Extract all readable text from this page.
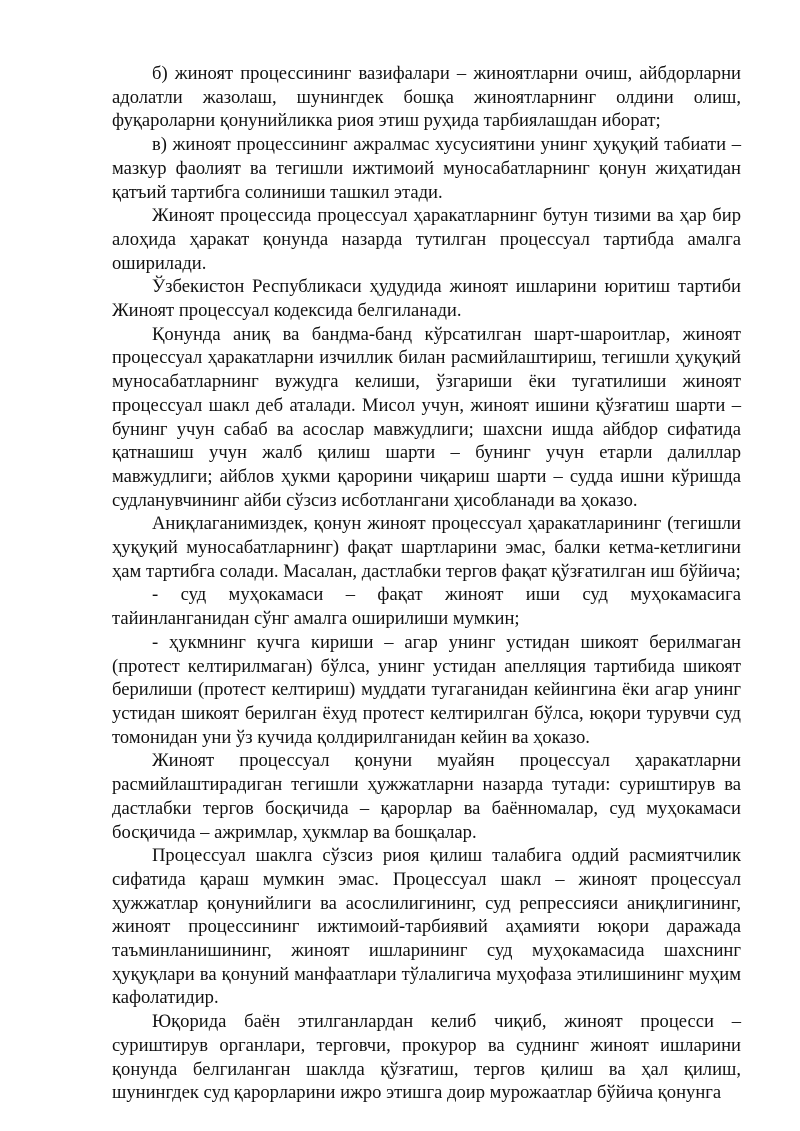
б) жиноят процессининг вазифалари – жиноятларни очиш, айбдорларни адолатли жазолаш, шунингдек бошқа жиноятларнинг олдини олиш, фуқароларни қонунийликка риоя этиш руҳида тарбиялашдан иборат;

в) жиноят процессининг ажралмас хусусиятини унинг ҳуқуқий табиати – мазкур фаолият ва тегишли ижтимоий муносабатларнинг қонун жиҳатидан қатъий тартибга солиниши ташкил этади.

Жиноят процессида процессуал ҳаракатларнинг бутун тизими ва ҳар бир алоҳида ҳаракат қонунда назарда тутилган процессуал тартибда амалга оширилади.

Ўзбекистон Республикаси ҳудудида жиноят ишларини юритиш тартиби Жиноят процессуал кодексида белгиланади.

Қонунда аниқ ва бандма-банд кўрсатилган шарт-шароитлар, жиноят процессуал ҳаракатларни изчиллик билан расмийлаштириш, тегишли ҳуқуқий муносабатларнинг вужудга келиши, ўзгариши ёки тугатилиши жиноят процессуал шакл деб аталади. Мисол учун, жиноят ишини қўзғатиш шарти – бунинг учун сабаб ва асослар мавжудлиги; шахсни ишда айбдор сифатида қатнашиш учун жалб қилиш шарти – бунинг учун етарли далиллар мавжудлиги; айблов ҳукми қарорини чиқариш шарти – судда ишни кўришда судланувчининг айби сўзсиз исботлангани ҳисобланади ва ҳоказо.

Аниқлаганимиздек, қонун жиноят процессуал ҳаракатларининг (тегишли ҳуқуқий муносабатларнинг) фақат шартларини эмас, балки кетма-кетлигини ҳам тартибга солади. Масалан, дастлабки тергов фақат қўзғатилган иш бўйича;

- суд муҳокамаси – фақат жиноят иши суд муҳокамасига тайинланганидан сўнг амалга оширилиши мумкин;

- ҳукмнинг кучга кириши – агар унинг устидан шикоят берилмаган (протест келтирилмаган) бўлса, унинг устидан апелляция тартибида шикоят берилиши (протест келтириш) муддати тугаганидан кейингина ёки агар унинг устидан шикоят берилган ёхуд протест келтирилган бўлса, юқори турувчи суд томонидан уни ўз кучида қолдирилганидан кейин ва ҳоказо.

Жиноят процессуал қонуни муайян процессуал ҳаракатларни расмийлаштирадиган тегишли ҳужжатларни назарда тутади: суриштирув ва дастлабки тергов босқичида – қарорлар ва баённомалар, суд муҳокамаси босқичида – ажримлар, ҳукмлар ва бошқалар.

Процессуал шаклга сўзсиз риоя қилиш талабига оддий расмиятчилик сифатида қараш мумкин эмас. Процессуал шакл – жиноят процессуал ҳужжатлар қонунийлиги ва асослилигининг, суд репрессияси аниқлигининг, жиноят процессининг ижтимоий-тарбиявий аҳамияти юқори даражада таъминланишининг, жиноят ишларининг суд муҳокамасида шахснинг ҳуқуқлари ва қонуний манфаатлари тўлалигича муҳофаза этилишининг муҳим кафолатидир.

Юқорида баён этилганлардан келиб чиқиб, жиноят процесси – суриштирув органлари, терговчи, прокурор ва суднинг жиноят ишларини қонунда белгиланган шаклда қўзғатиш, тергов қилиш ва ҳал қилиш, шунингдек суд қарорларини ижро этишга доир мурожаатлар бўйича қонунга
